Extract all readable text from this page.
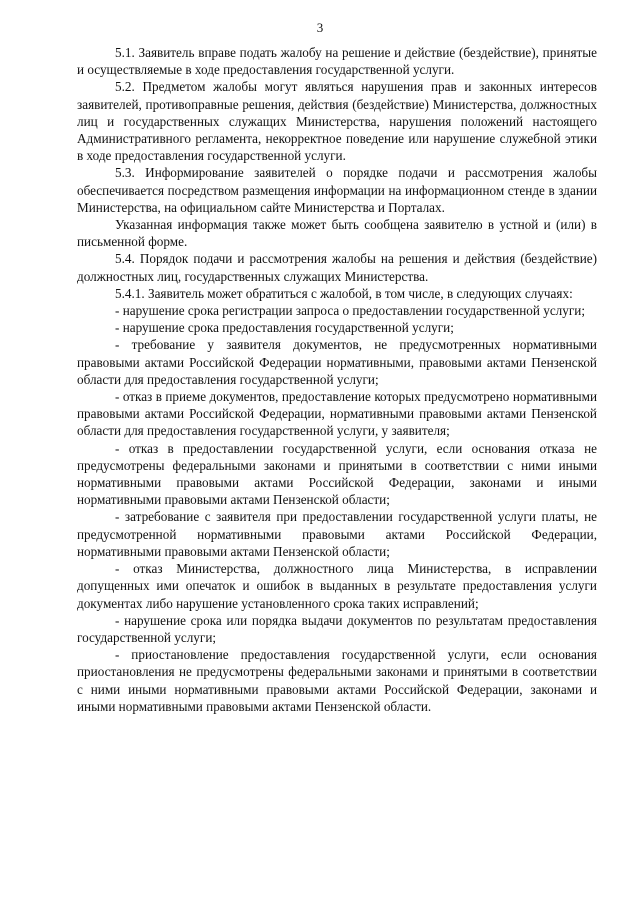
3

5.1. Заявитель вправе подать жалобу на решение и действие (бездействие), принятые и осуществляемые в ходе предоставления государственной услуги.

5.2. Предметом жалобы могут являться нарушения прав и законных интересов заявителей, противоправные решения, действия (бездействие) Министерства, должностных лиц и государственных служащих Министерства, нарушения положений настоящего Административного регламента, некорректное поведение или нарушение служебной этики в ходе предоставления государственной услуги.

5.3. Информирование заявителей о порядке подачи и рассмотрения жалобы обеспечивается посредством размещения информации на информационном стенде в здании Министерства, на официальном сайте Министерства и Порталах.

Указанная информация также может быть сообщена заявителю в устной и (или) в письменной форме.

5.4. Порядок подачи и рассмотрения жалобы на решения и действия (бездействие) должностных лиц, государственных служащих Министерства.

5.4.1. Заявитель может обратиться с жалобой, в том числе, в следующих случаях:

- нарушение срока регистрации запроса о предоставлении государственной услуги;

- нарушение срока предоставления государственной услуги;

- требование у заявителя документов, не предусмотренных нормативными правовыми актами Российской Федерации нормативными, правовыми актами Пензенской области для предоставления государственной услуги;

- отказ в приеме документов, предоставление которых предусмотрено нормативными правовыми актами Российской Федерации, нормативными правовыми актами Пензенской области для предоставления государственной услуги, у заявителя;

- отказ в предоставлении государственной услуги, если основания отказа не предусмотрены федеральными законами и принятыми в соответствии с ними иными нормативными правовыми актами Российской Федерации, законами и иными нормативными правовыми актами Пензенской области;

- затребование с заявителя при предоставлении государственной услуги платы, не предусмотренной нормативными правовыми актами Российской Федерации, нормативными правовыми актами Пензенской области;

- отказ Министерства, должностного лица Министерства, в исправлении допущенных ими опечаток и ошибок в выданных в результате предоставления услуги документах либо нарушение установленного срока таких исправлений;

- нарушение срока или порядка выдачи документов по результатам предоставления государственной услуги;

- приостановление предоставления государственной услуги, если основания приостановления не предусмотрены федеральными законами и принятыми в соответствии с ними иными нормативными правовыми актами Российской Федерации, законами и иными нормативными правовыми актами Пензенской области.
